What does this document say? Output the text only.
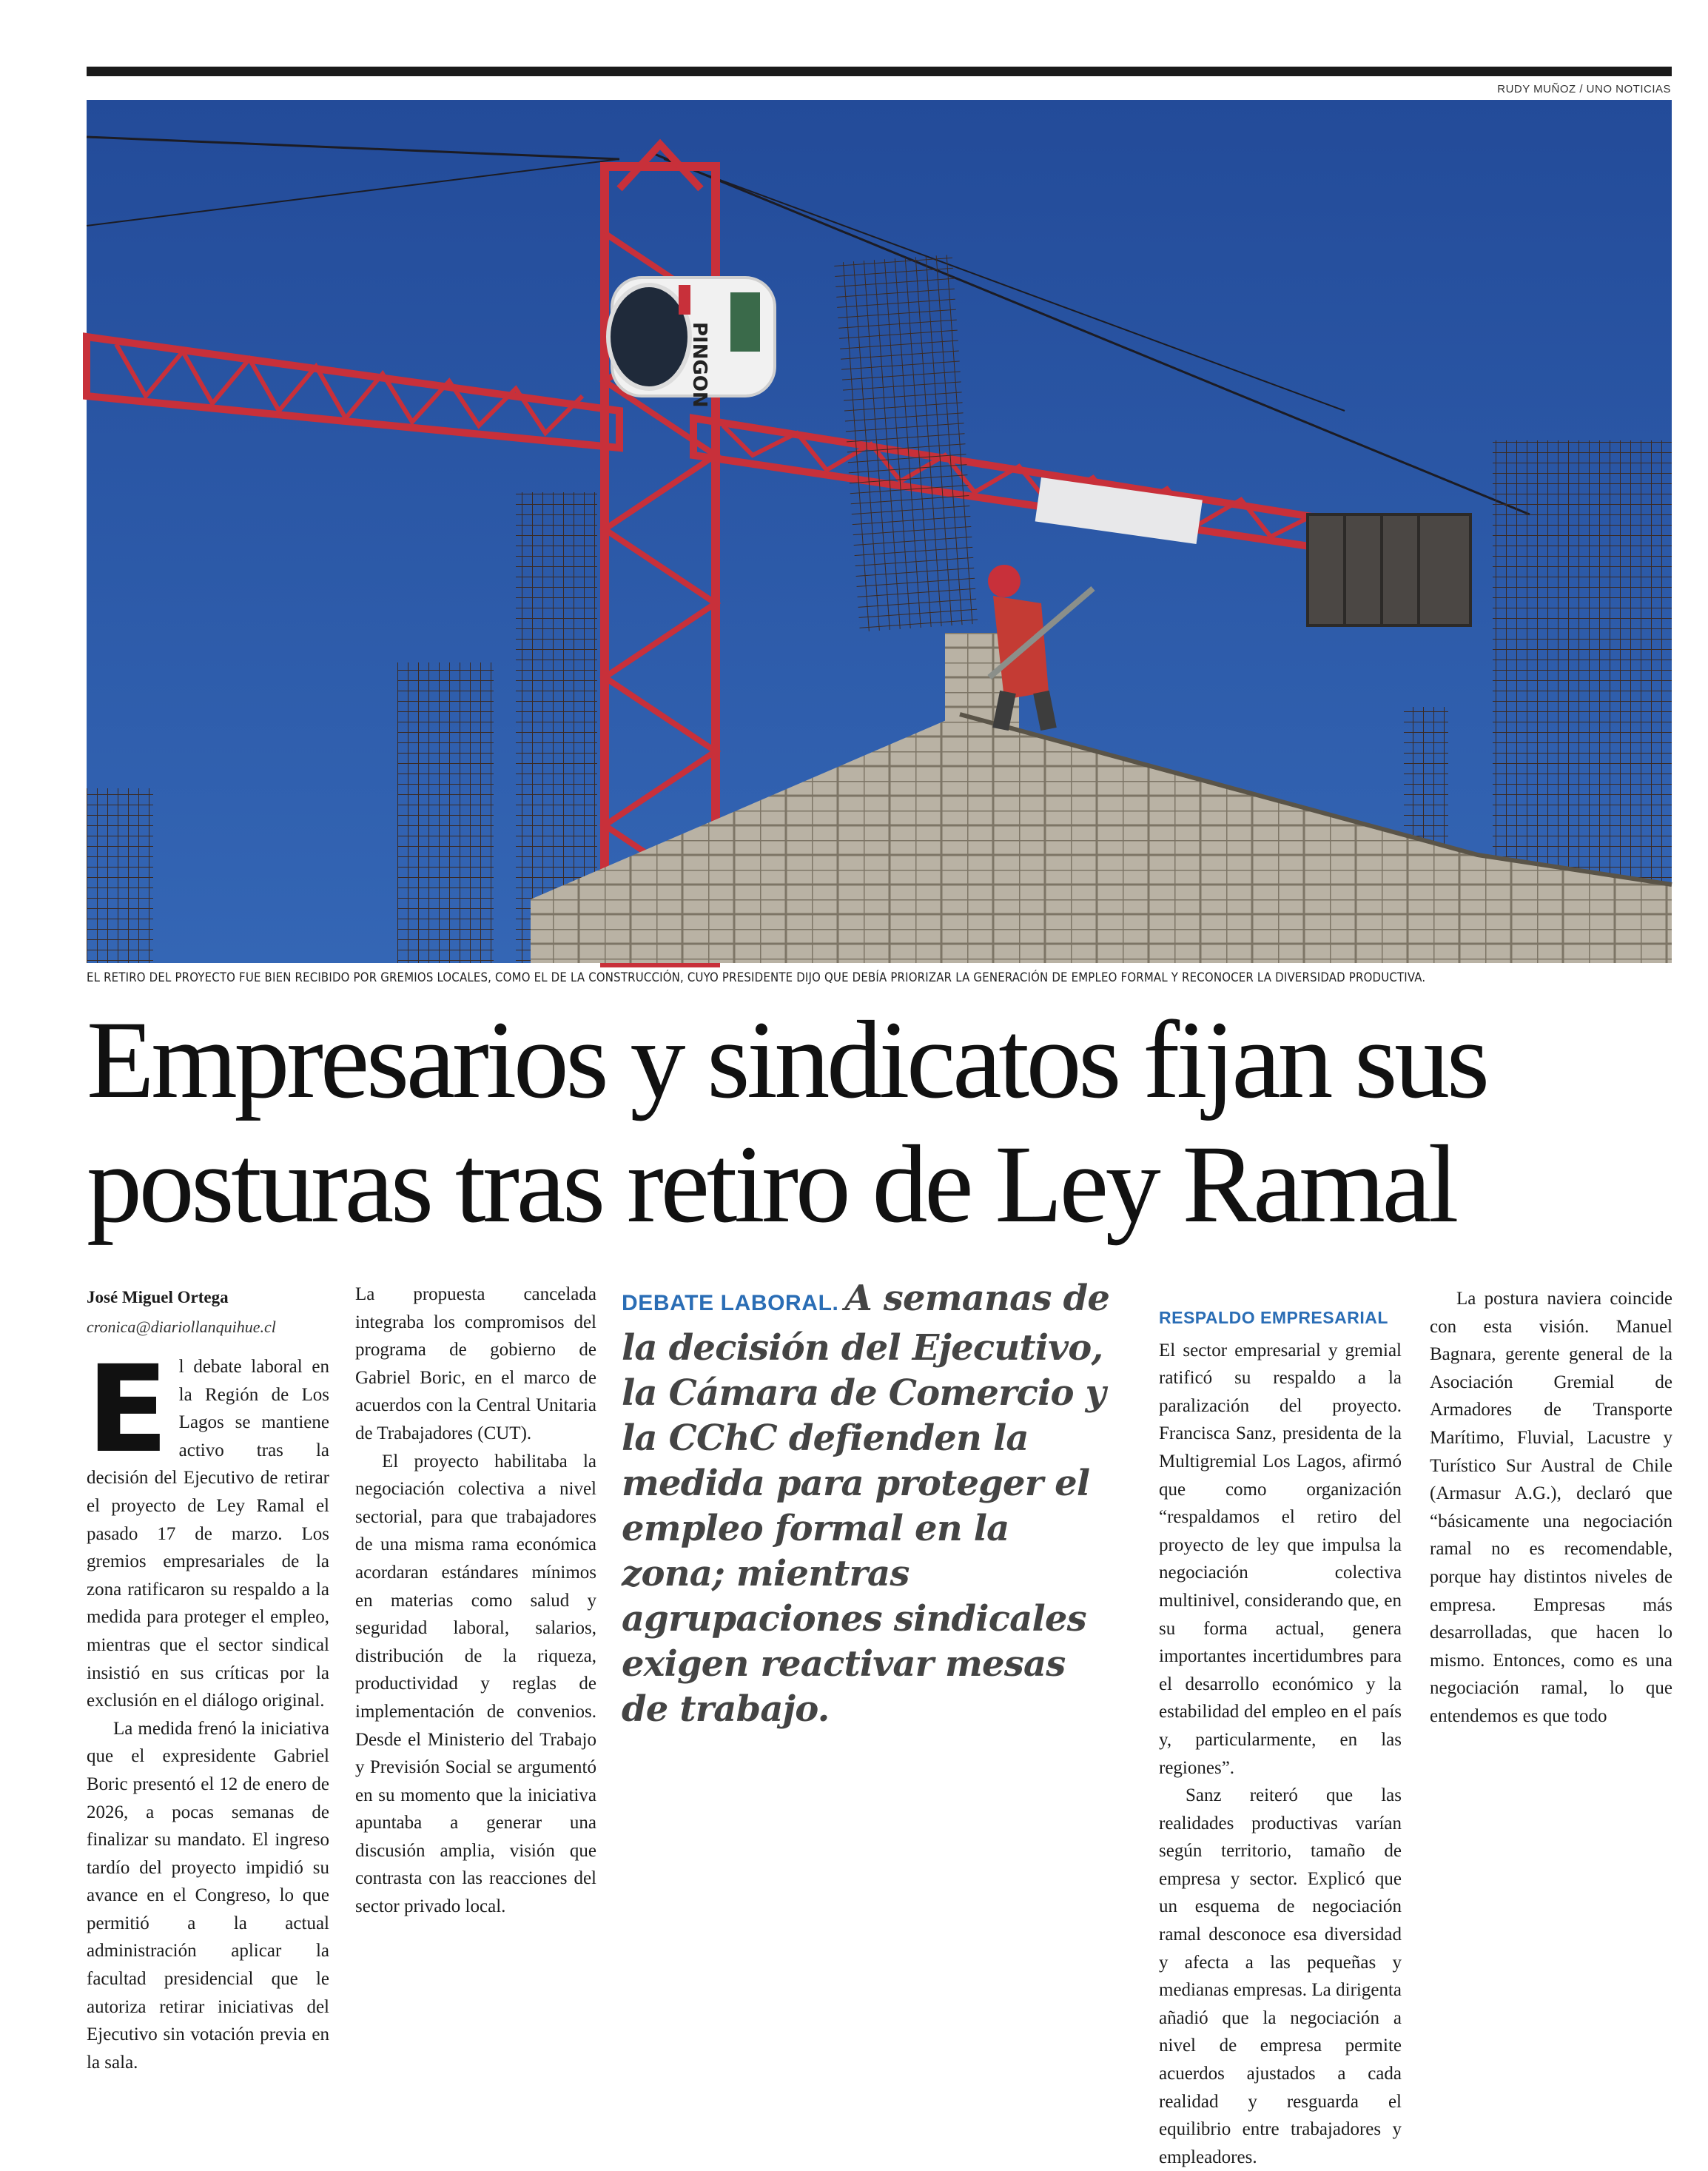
RUDY MUÑOZ / UNO NOTICIAS
PINGON
EL RETIRO DEL PROYECTO FUE BIEN RECIBIDO POR GREMIOS LOCALES, COMO EL DE LA CONSTRUCCIÓN, CUYO PRESIDENTE DIJO QUE DEBÍA PRIORIZAR LA GENERACIÓN DE EMPLEO FORMAL Y RECONOCER LA DIVERSIDAD PRODUCTIVA.
Empresarios y sindicatos fijan sus
posturas tras retiro de Ley Ramal

José Miguel Ortega

cronica@diariollanquihue.cl

El debate laboral en la Región de Los Lagos se mantiene activo tras la decisión del Ejecutivo de retirar el proyecto de Ley Ramal el pasado 17 de marzo. Los gremios empresariales de la zona ratificaron su respaldo a la medida para proteger el empleo, mientras que el sector sindical insistió en sus críticas por la exclusión en el diálogo original.

La medida frenó la iniciativa que el expresidente Gabriel Boric presentó el 12 de enero de 2026, a pocas semanas de finalizar su mandato. El ingreso tardío del proyecto impidió su avance en el Congreso, lo que permitió a la actual administración aplicar la facultad presidencial que le autoriza retirar iniciativas del Ejecutivo sin votación previa en la sala.

La propuesta cancelada integraba los compromisos del programa de gobierno de Gabriel Boric, en el marco de acuerdos con la Central Unitaria de Trabajadores (CUT).

El proyecto habilitaba la negociación colectiva a nivel sectorial, para que trabajadores de una misma rama económica acordaran estándares mínimos en materias como salud y seguridad laboral, salarios, distribución de la riqueza, productividad y reglas de implementación de convenios. Desde el Ministerio del Trabajo y Previsión Social se argumentó en su momento que la iniciativa apuntaba a generar una discusión amplia, visión que contrasta con las reacciones del sector privado local.

DEBATE LABORAL. A semanas de la decisión del Ejecutivo, la Cámara de Comercio y la CChC defienden la medida para proteger el empleo formal en la zona; mientras agrupaciones sindicales exigen reactivar mesas de trabajo.

RESPALDO EMPRESARIAL

El sector empresarial y gremial ratificó su respaldo a la paralización del proyecto. Francisca Sanz, presidenta de la Multigremial Los Lagos, afirmó que como organización “respaldamos el retiro del proyecto de ley que impulsa la negociación colectiva multinivel, considerando que, en su forma actual, genera importantes incertidumbres para el desarrollo económico y la estabilidad del empleo en el país y, particularmente, en las regiones”.

Sanz reiteró que las realidades productivas varían según territorio, tamaño de empresa y sector. Explicó que un esquema de negociación ramal desconoce esa diversidad y afecta a las pequeñas y medianas empresas. La dirigenta añadió que la negociación a nivel de empresa permite acuerdos ajustados a cada realidad y resguarda el equilibrio entre trabajadores y empleadores.

La postura naviera coincide con esta visión. Manuel Bagnara, gerente general de la Asociación Gremial de Armadores de Transporte Marítimo, Fluvial, Lacustre y Turístico Sur Austral de Chile (Armasur A.G.), declaró que “básicamente una negociación ramal no es recomendable, porque hay distintos niveles de empresa. Empresas más desarrolladas, que hacen lo mismo. Entonces, como es una negociación ramal, lo que entendemos es que todo
